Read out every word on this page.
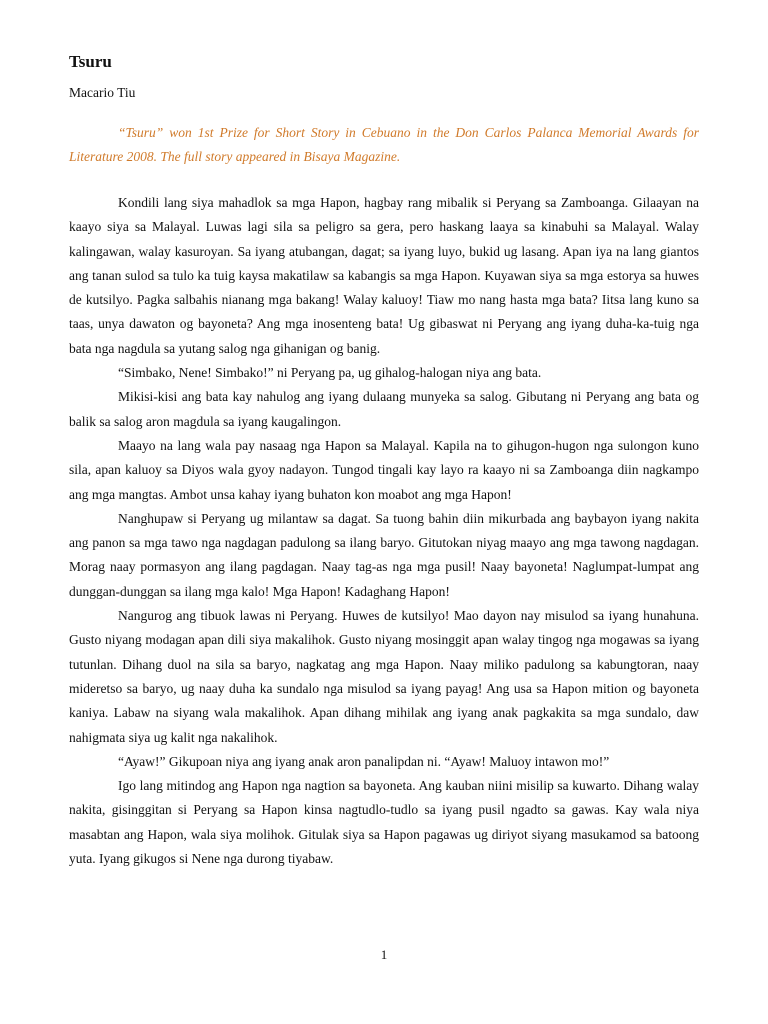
Tsuru

Macario Tiu

“Tsuru” won 1st Prize for Short Story in Cebuano in the Don Carlos Palanca Memorial Awards for Literature 2008. The full story appeared in Bisaya Magazine.

Kondili lang siya mahadlok sa mga Hapon, hagbay rang mibalik si Peryang sa Zamboanga. Gilaayan na kaayo siya sa Malayal. Luwas lagi sila sa peligro sa gera, pero haskang laaya sa kinabuhi sa Malayal. Walay kalingawan, walay kasuroyan. Sa iyang atubangan, dagat; sa iyang luyo, bukid ug lasang. Apan iya na lang giantos ang tanan sulod sa tulo ka tuig kaysa makatilaw sa kabangis sa mga Hapon. Kuyawan siya sa mga estorya sa huwes de kutsilyo. Pagka salbahis nianang mga bakang! Walay kaluoy! Tiaw mo nang hasta mga bata? Iitsa lang kuno sa taas, unya dawaton og bayoneta? Ang mga inosenteng bata! Ug gibaswat ni Peryang ang iyang duha-ka-tuig nga bata nga nagdula sa yutang salog nga gihanigan og banig.

“Simbako, Nene! Simbako!” ni Peryang pa, ug gihalog-halogan niya ang bata.

Mikisi-kisi ang bata kay nahulog ang iyang dulaang munyeka sa salog. Gibutang ni Peryang ang bata og balik sa salog aron magdula sa iyang kaugalingon.

Maayo na lang wala pay nasaag nga Hapon sa Malayal. Kapila na to gihugon-hugon nga sulongon kuno sila, apan kaluoy sa Diyos wala gyoy nadayon. Tungod tingali kay layo ra kaayo ni sa Zamboanga diin nagkampo ang mga mangtas. Ambot unsa kahay iyang buhaton kon moabot ang mga Hapon!

Nanghupaw si Peryang ug milantaw sa dagat. Sa tuong bahin diin mikurbada ang baybayon iyang nakita ang panon sa mga tawo nga nagdagan padulong sa ilang baryo. Gitutokan niyag maayo ang mga tawong nagdagan. Morag naay pormasyon ang ilang pagdagan. Naay tag-as nga mga pusil! Naay bayoneta! Naglumpat-lumpat ang dunggan-dunggan sa ilang mga kalo! Mga Hapon! Kadaghang Hapon!

Nangurog ang tibuok lawas ni Peryang. Huwes de kutsilyo! Mao dayon nay misulod sa iyang hunahuna. Gusto niyang modagan apan dili siya makalihok. Gusto niyang mosinggit apan walay tingog nga mogawas sa iyang tutunlan. Dihang duol na sila sa baryo, nagkatag ang mga Hapon. Naay miliko padulong sa kabungtoran, naay mideretso sa baryo, ug naay duha ka sundalo nga misulod sa iyang payag! Ang usa sa Hapon mition og bayoneta kaniya. Labaw na siyang wala makalihok. Apan dihang mihilak ang iyang anak pagkakita sa mga sundalo, daw nahigmata siya ug kalit nga nakalihok.

“Ayaw!” Gikupoan niya ang iyang anak aron panalipdan ni. “Ayaw! Maluoy intawon mo!”

Igo lang mitindog ang Hapon nga nagtion sa bayoneta. Ang kauban niini misilip sa kuwarto. Dihang walay nakita, gisinggitan si Peryang sa Hapon kinsa nagtudlo-tudlo sa iyang pusil ngadto sa gawas. Kay wala niya masabtan ang Hapon, wala siya molihok. Gitulak siya sa Hapon pagawas ug diriyot siyang masukamod sa batoong yuta. Iyang gikugos si Nene nga durong tiyabaw.

1
